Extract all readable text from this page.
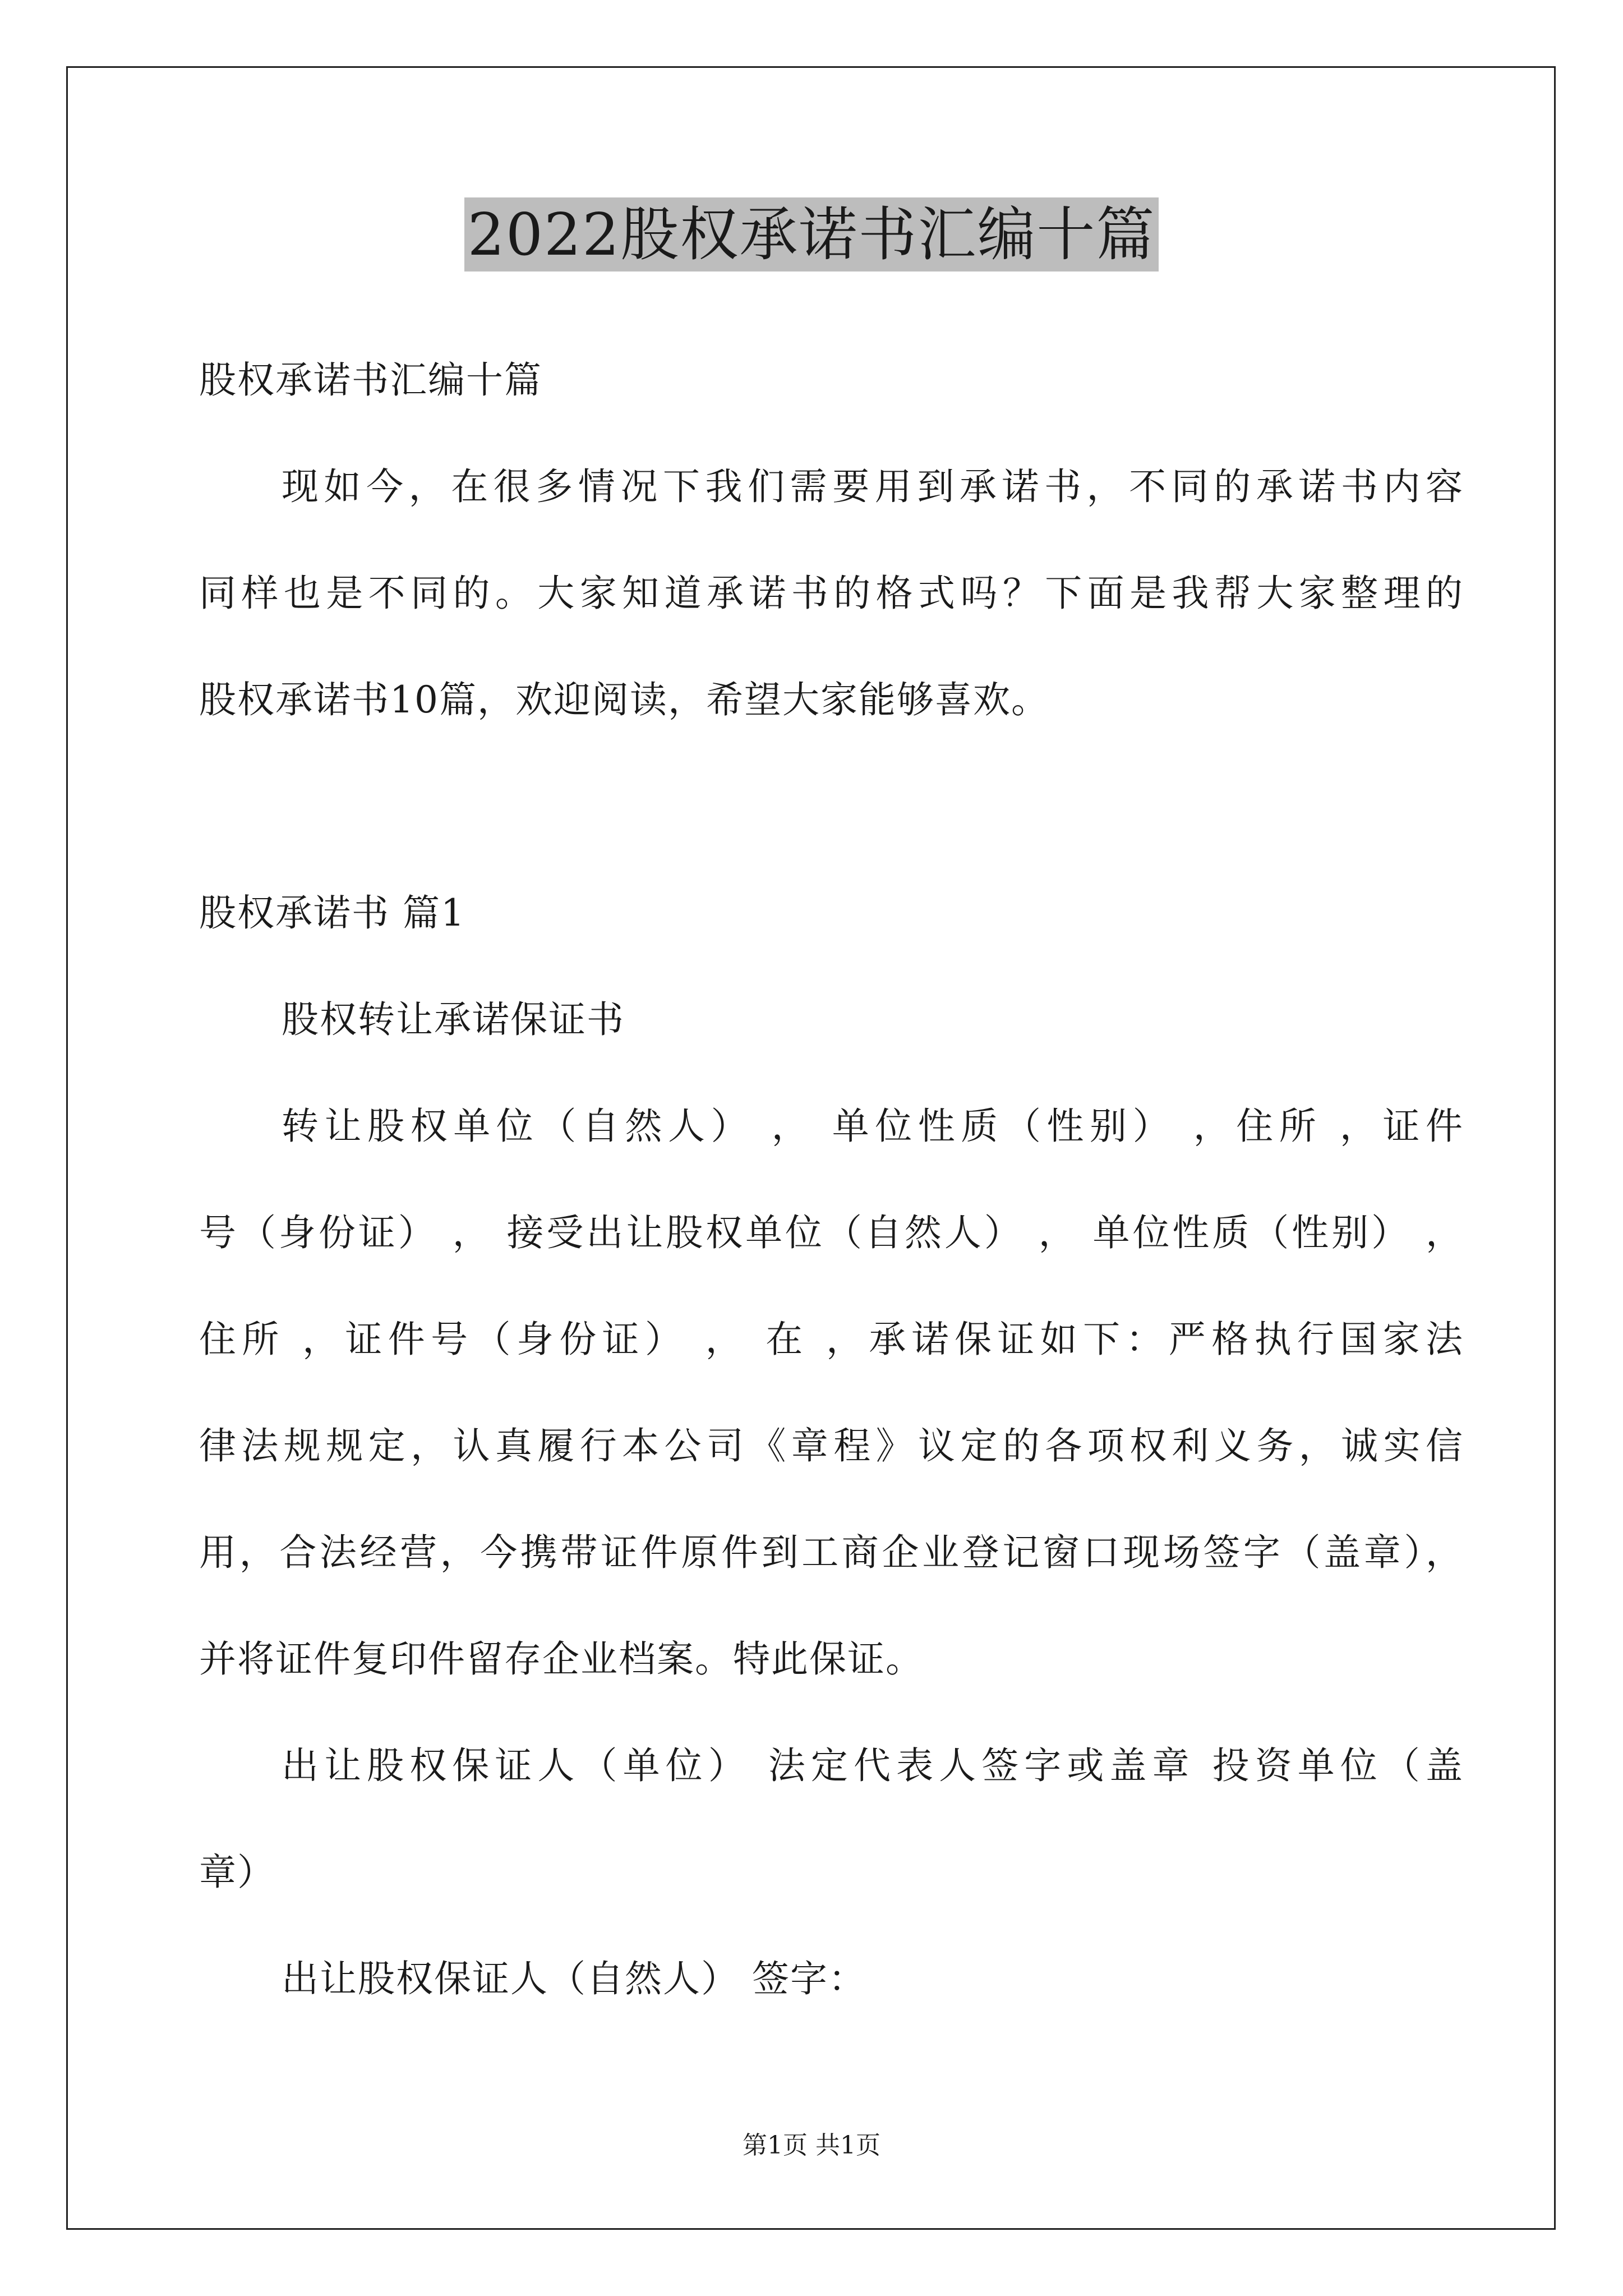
2022股权承诺书汇编十篇
股权承诺书汇编十篇
现如今，在很多情况下我们需要用到承诺书，不同的承诺书内容
同样也是不同的。大家知道承诺书的格式吗？下面是我帮大家整理的
股权承诺书10篇，欢迎阅读，希望大家能够喜欢。
股权承诺书 篇1
股权转让承诺保证书
转让股权单位（自然人） ， 单位性质（性别） ，住所 ，证件
号（身份证） ， 接受出让股权单位（自然人） ， 单位性质（性别） ，
住所 ，证件号（身份证） ， 在 ，承诺保证如下：严格执行国家法
律法规规定，认真履行本公司《章程》议定的各项权利义务，诚实信
用，合法经营，今携带证件原件到工商企业登记窗口现场签字（盖章），
并将证件复印件留存企业档案。特此保证。
出让股权保证人（单位） 法定代表人签字或盖章 投资单位（盖
章）
出让股权保证人（自然人） 签字：
第1页 共1页
